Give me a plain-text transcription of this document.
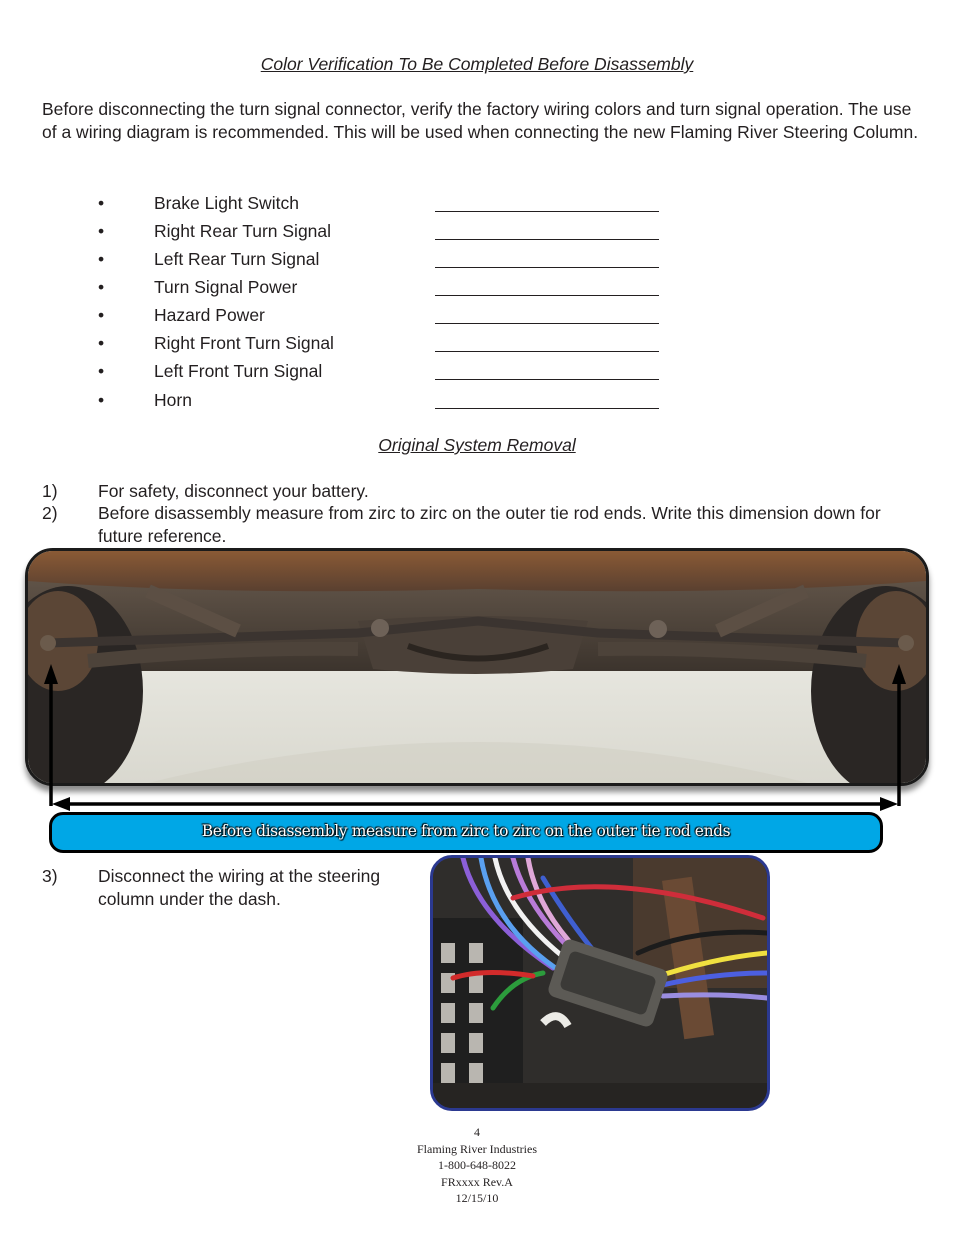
Color Verification To Be Completed Before Disassembly
Before disconnecting the turn signal connector, verify the factory wiring colors and turn signal operation. The use of a wiring diagram is recommended. This will be used when connecting the new Flaming River Steering Column.
•	Brake Light Switch
•	Right Rear Turn Signal
•	Left Rear Turn Signal
•	Turn Signal Power
•	Hazard Power
•	Right Front Turn Signal
•	Left Front Turn Signal
•	Horn
Original System Removal
1) For safety, disconnect your battery.
2) Before disassembly measure from zirc to zirc on the outer tie rod ends. Write this dimension down for future reference.
Before disassembly measure from zirc to zirc on the outer tie rod ends
3) Disconnect the wiring at the steering column under the dash.
4
Flaming River Industries
1-800-648-8022
FRxxxx Rev.A
12/15/10
